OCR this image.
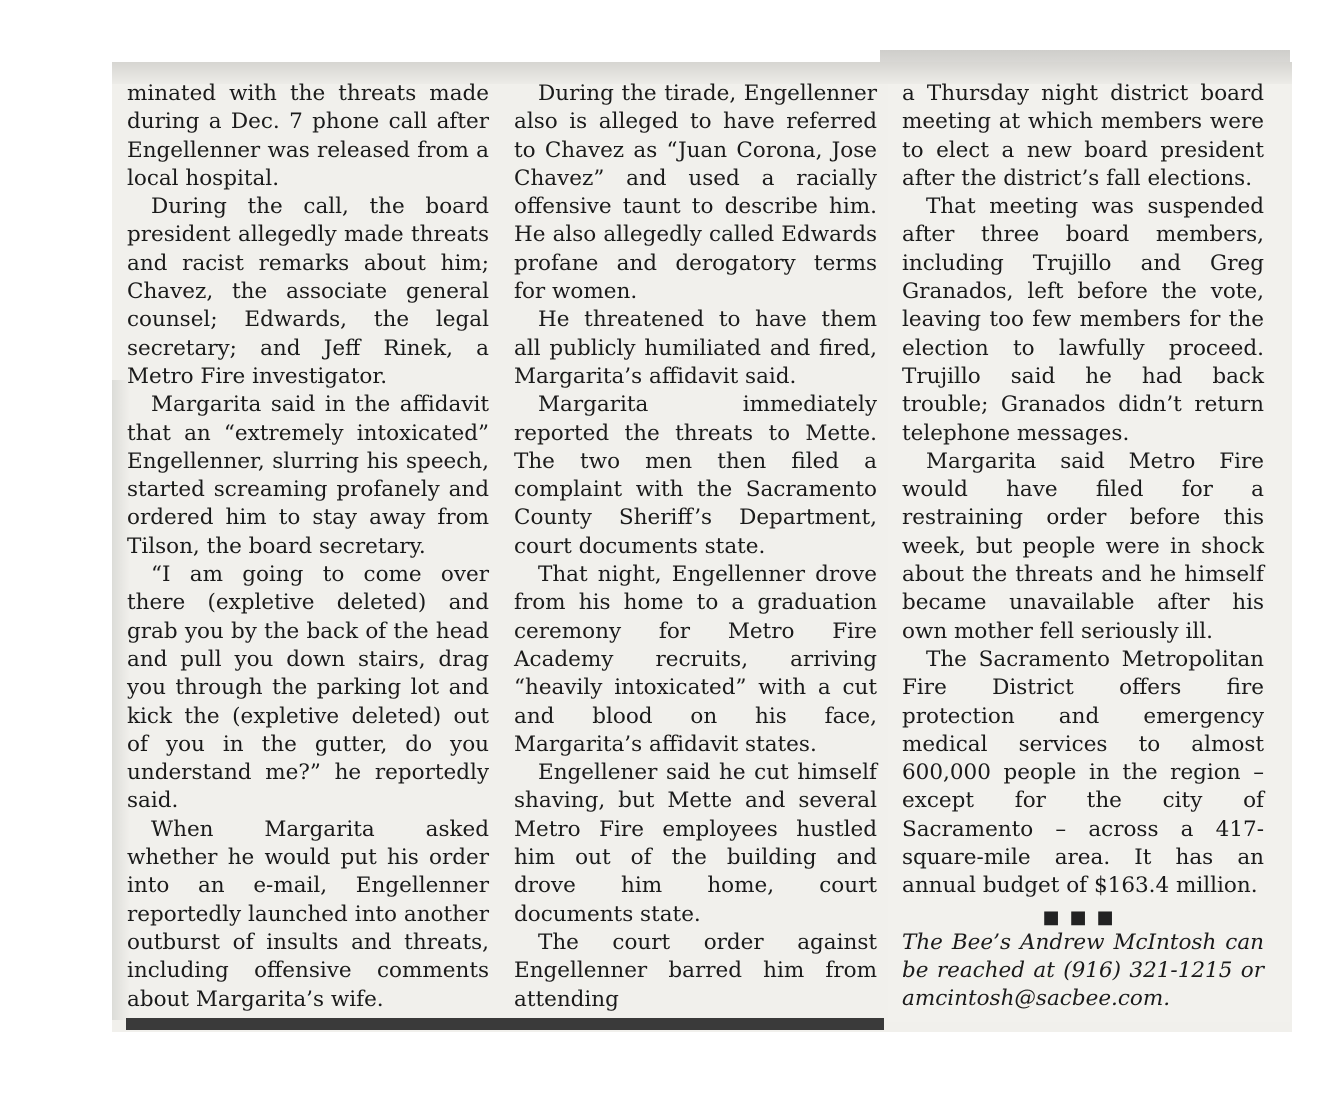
minated with the threats made during a Dec. 7 phone call after Engellenner was released from a local hospital.

During the call, the board president allegedly made threats and racist remarks about him; Chavez, the associate general counsel; Edwards, the legal secretary; and Jeff Rinek, a Metro Fire investigator.

Margarita said in the affidavit that an “extremely intoxicated” Engellenner, slurring his speech, started screaming profanely and ordered him to stay away from Tilson, the board secretary.

“I am going to come over there (expletive deleted) and grab you by the back of the head and pull you down stairs, drag you through the parking lot and kick the (expletive deleted) out of you in the gutter, do you understand me?” he reportedly said.

When Margarita asked whether he would put his order into an e-mail, Engellenner reportedly launched into another outburst of insults and threats, including offensive comments about Margarita’s wife.

During the tirade, Engellenner also is alleged to have referred to Chavez as “Juan Corona, Jose Chavez” and used a racially offensive taunt to describe him. He also allegedly called Edwards profane and derogatory terms for women.

He threatened to have them all publicly humiliated and fired, Margarita’s affidavit said.

Margarita immediately reported the threats to Mette. The two men then filed a complaint with the Sacramento County Sheriff’s Department, court documents state.

That night, Engellenner drove from his home to a graduation ceremony for Metro Fire Academy recruits, arriving “heavily intoxicated” with a cut and blood on his face, Margarita’s affidavit states.

Engellener said he cut himself shaving, but Mette and several Metro Fire employees hustled him out of the building and drove him home, court documents state.

The court order against Engellenner barred him from attending

a Thursday night district board meeting at which members were to elect a new board president after the district’s fall elections.

That meeting was suspended after three board members, including Trujillo and Greg Granados, left before the vote, leaving too few members for the election to lawfully proceed. Trujillo said he had back trouble; Granados didn’t return telephone messages.

Margarita said Metro Fire would have filed for a restraining order before this week, but people were in shock about the threats and he himself became unavailable after his own mother fell seriously ill.

The Sacramento Metropolitan Fire District offers fire protection and emergency medical services to almost 600,000 people in the region – except for the city of Sacramento – across a 417-square-mile area. It has an annual budget of $163.4 million.

■■■

The Bee’s Andrew McIntosh can be reached at (916) 321-1215 or amcintosh@sacbee.com.
